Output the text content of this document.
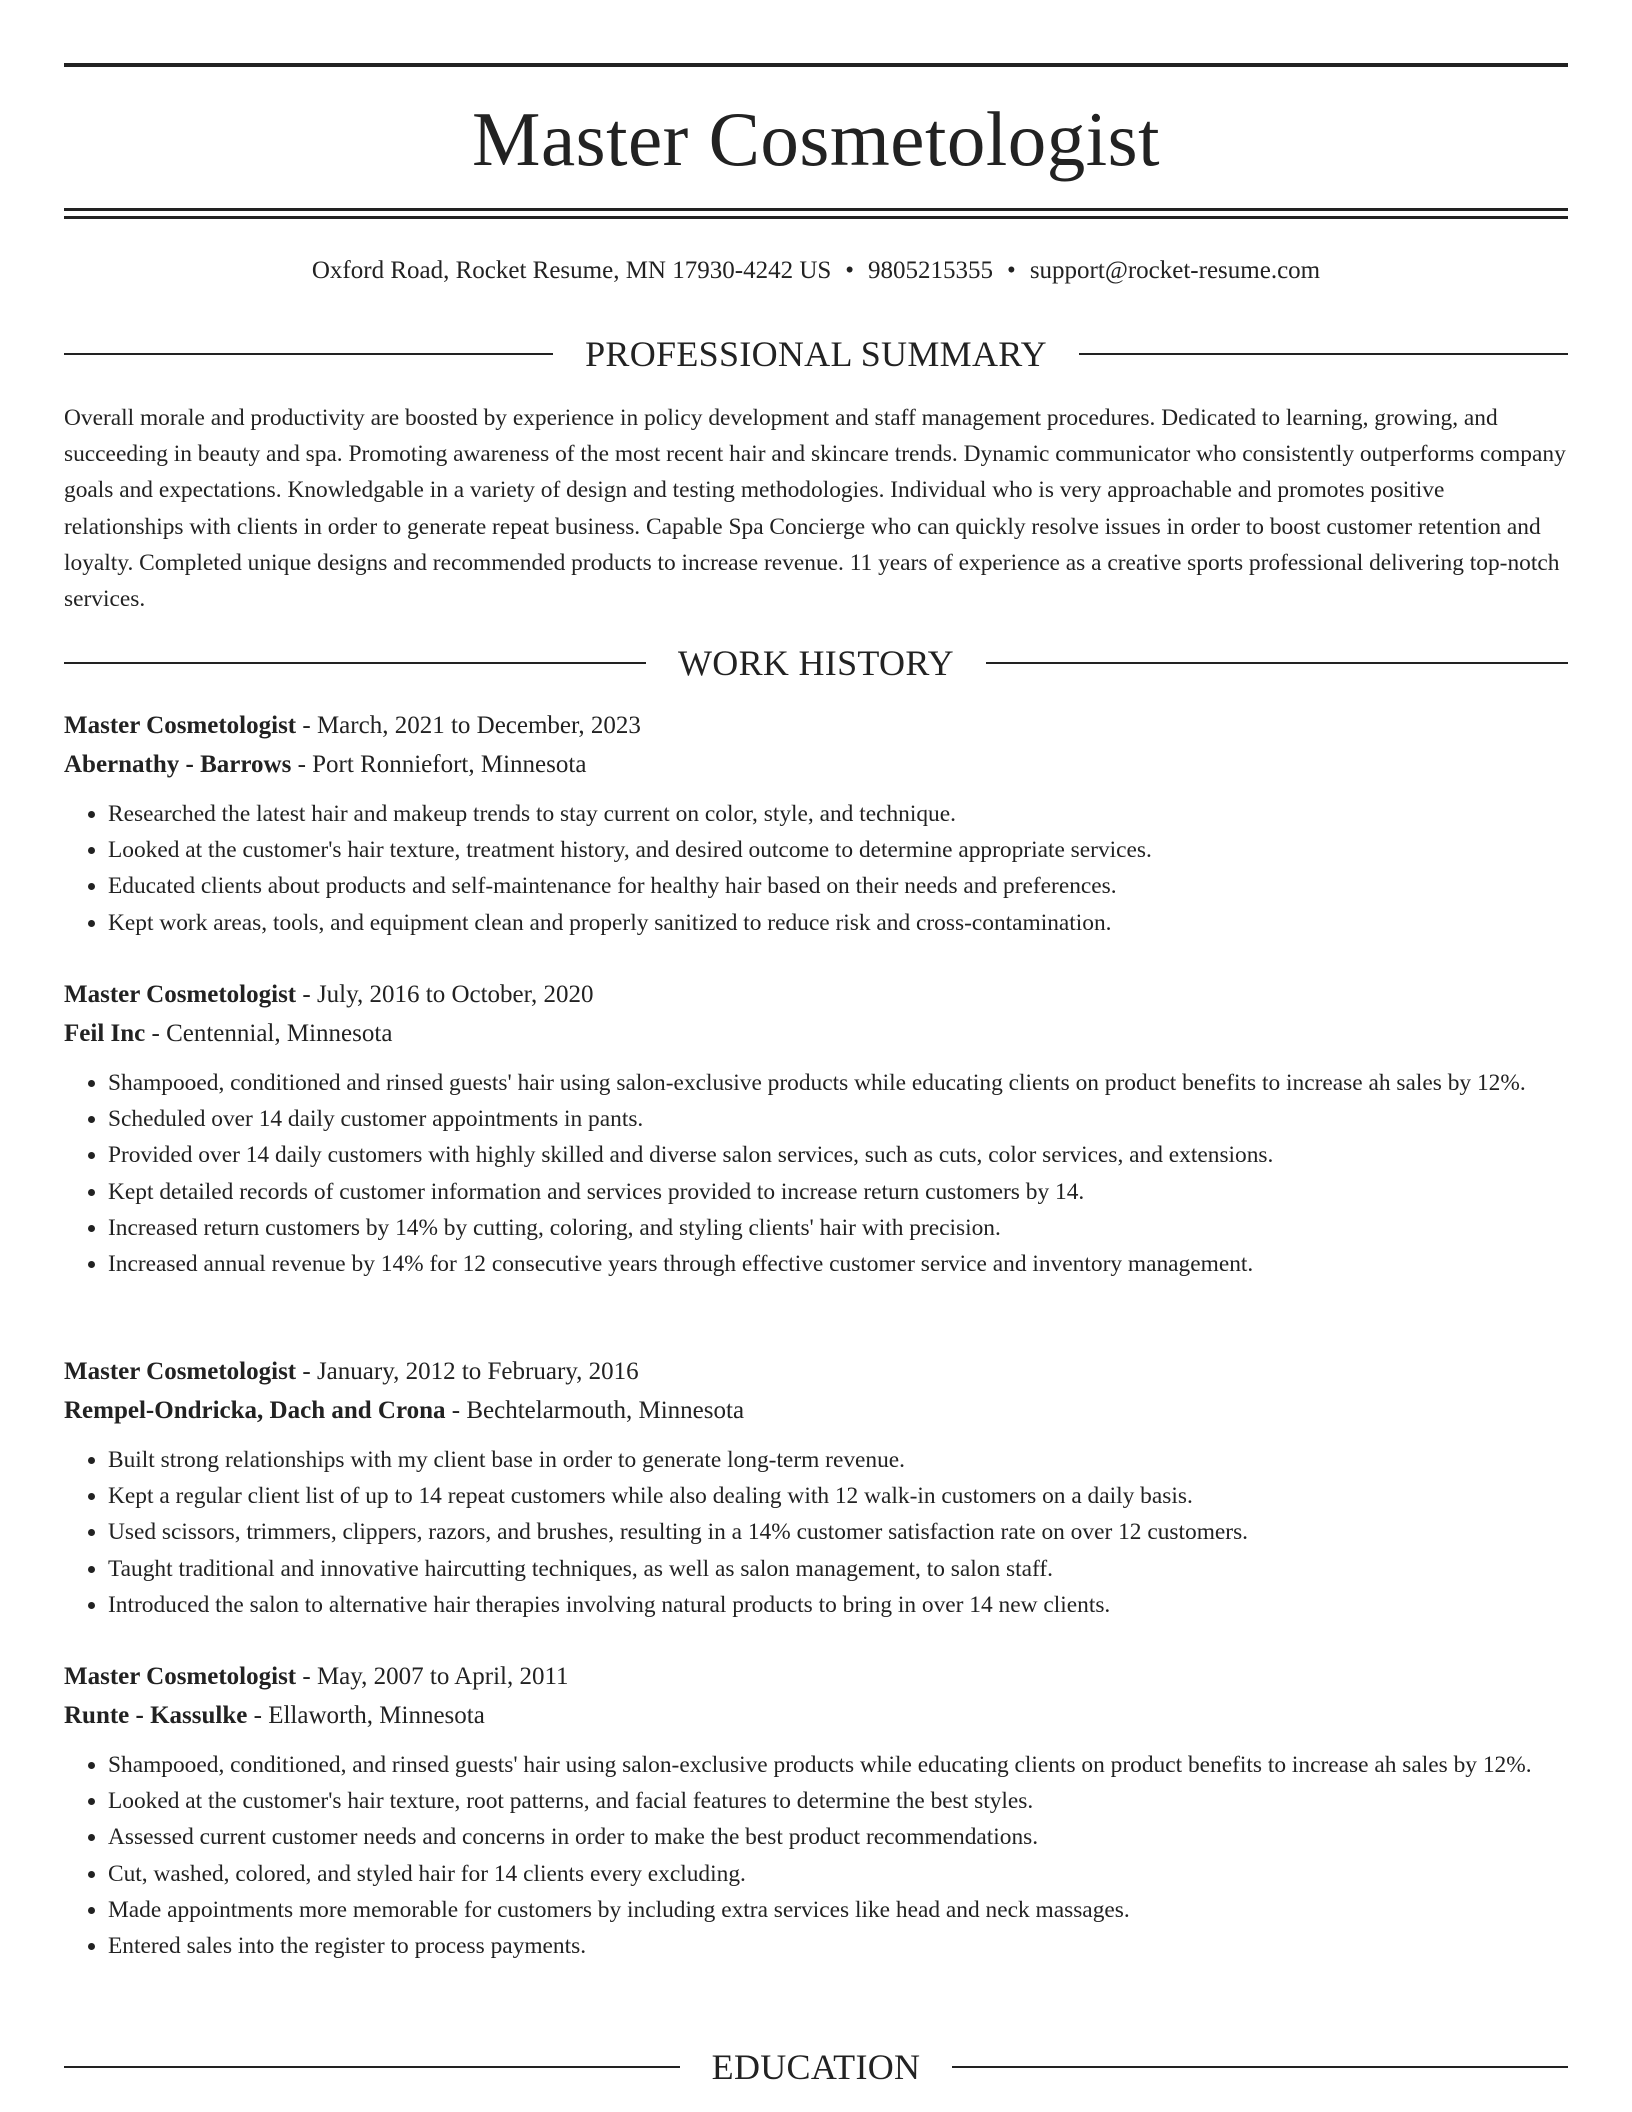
Master Cosmetologist
Oxford Road, Rocket Resume, MN 17930-4242 US • 9805215355 • support@rocket-resume.com
PROFESSIONAL SUMMARY

Overall morale and productivity are boosted by experience in policy development and staff management procedures. Dedicated to learning, growing, and succeeding in beauty and spa. Promoting awareness of the most recent hair and skincare trends. Dynamic communicator who consistently outperforms company goals and expectations. Knowledgable in a variety of design and testing methodologies. Individual who is very approachable and promotes positive relationships with clients in order to generate repeat business. Capable Spa Concierge who can quickly resolve issues in order to boost customer retention and loyalty. Completed unique designs and recommended products to increase revenue. 11 years of experience as a creative sports professional delivering top-notch services.

WORK HISTORY
Master Cosmetologist - March, 2021 to December, 2023
Abernathy - Barrows - Port Ronniefort, Minnesota
• Researched the latest hair and makeup trends to stay current on color, style, and technique.
• Looked at the customer's hair texture, treatment history, and desired outcome to determine appropriate services.
• Educated clients about products and self-maintenance for healthy hair based on their needs and preferences.
• Kept work areas, tools, and equipment clean and properly sanitized to reduce risk and cross-contamination.
Master Cosmetologist - July, 2016 to October, 2020
Feil Inc - Centennial, Minnesota
• Shampooed, conditioned and rinsed guests' hair using salon-exclusive products while educating clients on product benefits to increase ah sales by 12%.
• Scheduled over 14 daily customer appointments in pants.
• Provided over 14 daily customers with highly skilled and diverse salon services, such as cuts, color services, and extensions.
• Kept detailed records of customer information and services provided to increase return customers by 14.
• Increased return customers by 14% by cutting, coloring, and styling clients' hair with precision.
• Increased annual revenue by 14% for 12 consecutive years through effective customer service and inventory management.
Master Cosmetologist - January, 2012 to February, 2016
Rempel-Ondricka, Dach and Crona - Bechtelarmouth, Minnesota
• Built strong relationships with my client base in order to generate long-term revenue.
• Kept a regular client list of up to 14 repeat customers while also dealing with 12 walk-in customers on a daily basis.
• Used scissors, trimmers, clippers, razors, and brushes, resulting in a 14% customer satisfaction rate on over 12 customers.
• Taught traditional and innovative haircutting techniques, as well as salon management, to salon staff.
• Introduced the salon to alternative hair therapies involving natural products to bring in over 14 new clients.
Master Cosmetologist - May, 2007 to April, 2011
Runte - Kassulke - Ellaworth, Minnesota
• Shampooed, conditioned, and rinsed guests' hair using salon-exclusive products while educating clients on product benefits to increase ah sales by 12%.
• Looked at the customer's hair texture, root patterns, and facial features to determine the best styles.
• Assessed current customer needs and concerns in order to make the best product recommendations.
• Cut, washed, colored, and styled hair for 14 clients every excluding.
• Made appointments more memorable for customers by including extra services like head and neck massages.
• Entered sales into the register to process payments.
EDUCATION
